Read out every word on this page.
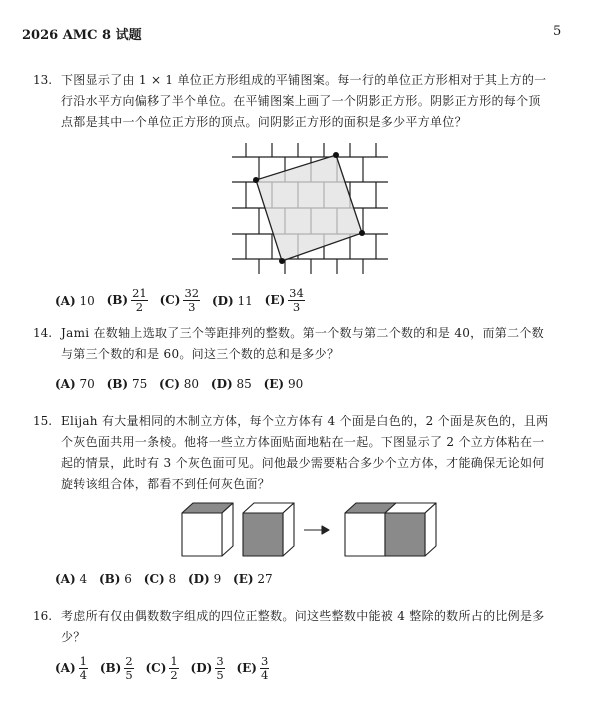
2026 AMC 8 试题	5
13. 下图显示了由 1 × 1 单位正方形组成的平铺图案。每一行的单位正方形相对于其上方的一
行沿水平方向偏移了半个单位。在平铺图案上画了一个阴影正方形。阴影正方形的每个顶
点都是其中一个单位正方形的顶点。问阴影正方形的面积是多少平方单位？
(A) 10 $(B) \frac{21}{2} (C) \frac{32}{3} (D)$ 11 $(E) \frac{34}{3}$
14. Jami 在数轴上选取了三个等距排列的整数。第一个数与第二个数的和是 40，而第二个数
与第三个数的和是 60。问这三个数的总和是多少？
(A) 70 (B) 75 (C) 80 (D) 85 (E) 90
15. Elijah 有大量相同的木制立方体，每个立方体有 4 个面是白色的，2 个面是灰色的，且两
个灰色面共用一条棱。他将一些立方体面贴面地粘在一起。下图显示了 2 个立方体粘在一
起的情景，此时有 3 个灰色面可见。问他最少需要粘合多少个立方体，才能确保无论如何
旋转该组合体，都看不到任何灰色面？
(A) 4 (B) 6 (C) 8 (D) 9 (E) 27
16. 考虑所有仅由偶数数字组成的四位正整数。问这些整数中能被 4 整除的数所占的比例是多
少？
$(A) \frac{1}{4} (B) \frac{2}{5} (C) \frac{1}{2} (D) \frac{3}{5} (E) \frac{3}{4}$
